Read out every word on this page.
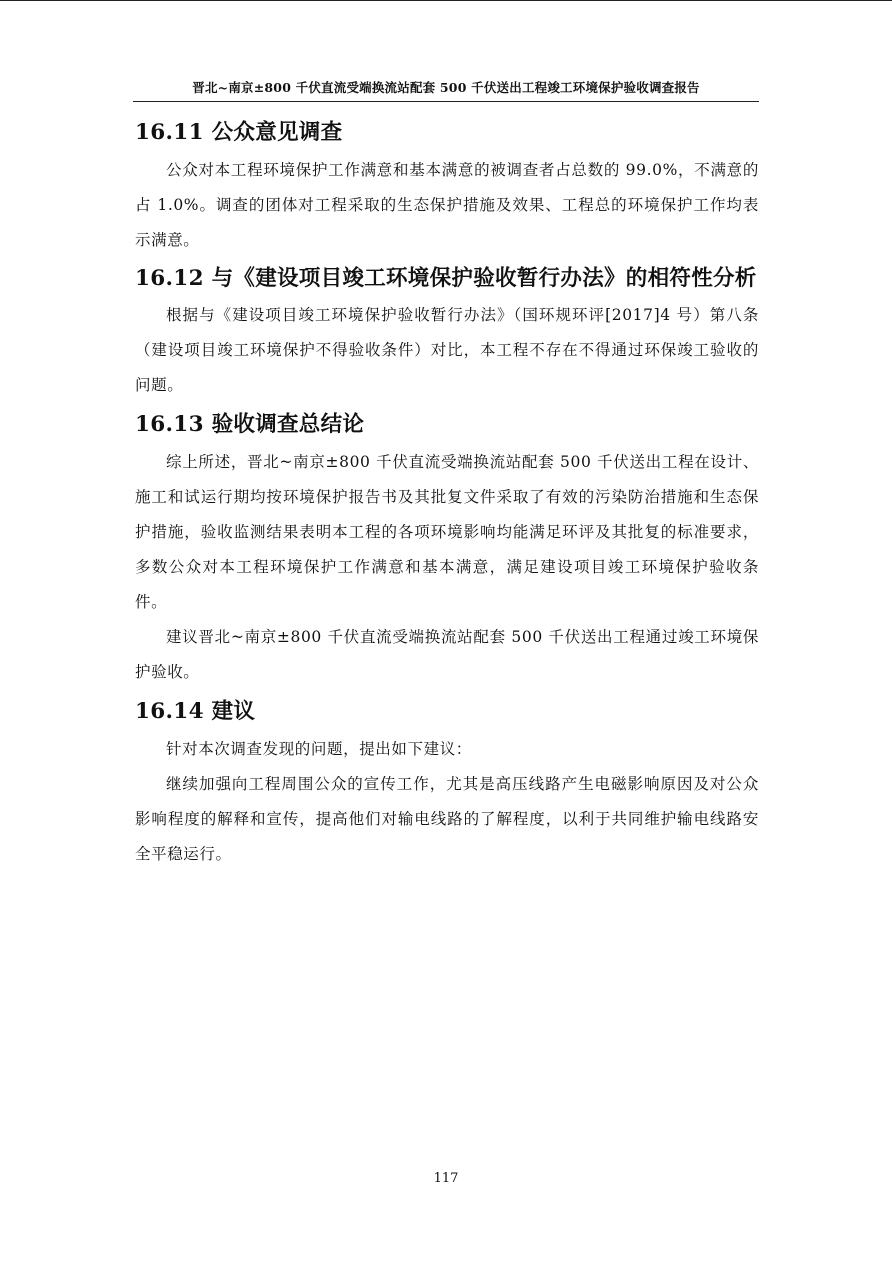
晋北~南京±800 千伏直流受端换流站配套 500 千伏送出工程竣工环境保护验收调查报告
16.11 公众意见调查

公众对本工程环境保护工作满意和基本满意的被调查者占总数的 99.0%，不满意的占 1.0%。调查的团体对工程采取的生态保护措施及效果、工程总的环境保护工作均表示满意。

16.12 与《建设项目竣工环境保护验收暂行办法》的相符性分析

根据与《建设项目竣工环境保护验收暂行办法》（国环规环评[2017]4 号）第八条（建设项目竣工环境保护不得验收条件）对比，本工程不存在不得通过环保竣工验收的问题。

16.13 验收调查总结论

综上所述，晋北~南京±800 千伏直流受端换流站配套 500 千伏送出工程在设计、施工和试运行期均按环境保护报告书及其批复文件采取了有效的污染防治措施和生态保护措施，验收监测结果表明本工程的各项环境影响均能满足环评及其批复的标准要求，多数公众对本工程环境保护工作满意和基本满意，满足建设项目竣工环境保护验收条件。

建议晋北~南京±800 千伏直流受端换流站配套 500 千伏送出工程通过竣工环境保护验收。

16.14 建议

针对本次调查发现的问题，提出如下建议：

继续加强向工程周围公众的宣传工作，尤其是高压线路产生电磁影响原因及对公众影响程度的解释和宣传，提高他们对输电线路的了解程度，以利于共同维护输电线路安全平稳运行。

117
